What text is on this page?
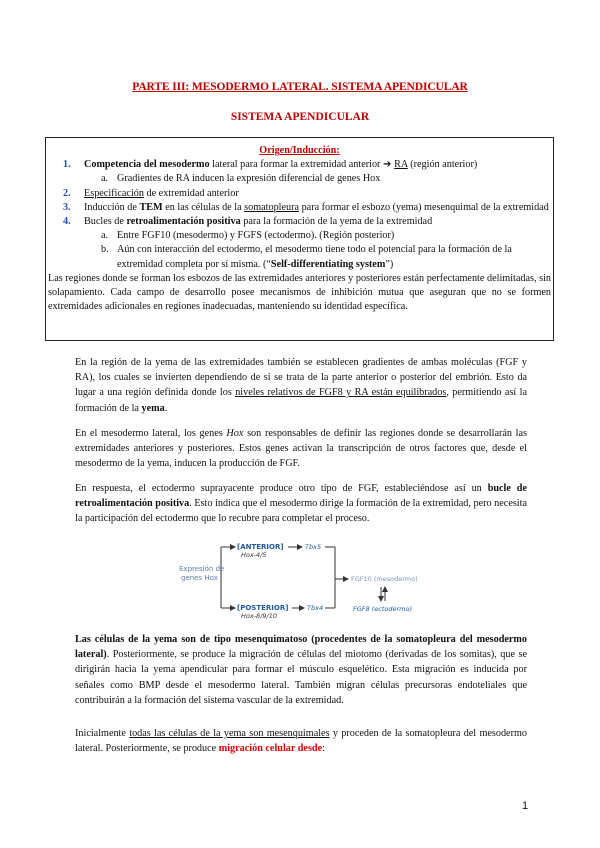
PARTE III: MESODERMO LATERAL. SISTEMA APENDICULAR
SISTEMA APENDICULAR
Origen/Inducción:
1. Competencia del mesodermo lateral para formar la extremidad anterior ➔ RA (región anterior)
a. Gradientes de RA inducen la expresión diferencial de genes Hox
2. Especificación de extremidad anterior
3. Inducción de TEM en las células de la somatopleura para formar el esbozo (yema) mesenquimal de la extremidad
4. Bucles de retroalimentación positiva para la formación de la yema de la extremidad
a. Entre FGF10 (mesodermo) y FGFS (ectodermo). (Región posterior)
b. Aún con interacción del ectodermo, el mesodermo tiene todo el potencial para la formación de la extremidad completa por sí misma. (“Self-differentiating system”)
Las regiones donde se forman los esbozos de las extremidades anteriores y posteriores están perfectamente delimitadas, sin solapamiento. Cada campo de desarrollo posee mecanismos de inhibición mutua que aseguran que no se formen extremidades adicionales en regiones inadecuadas, manteniendo su identidad específica.
En la región de la yema de las extremidades también se establecen gradientes de ambas moléculas (FGF y RA), los cuales se invierten dependiendo de si se trata de la parte anterior o posterior del embrión. Esto da lugar a una región definida donde los niveles relativos de FGF8 y RA están equilibrados, permitiendo así la formación de la yema.
En el mesodermo lateral, los genes Hox son responsables de definir las regiones donde se desarrollarán las extremidades anteriores y posteriores. Estos genes activan la transcripción de otros factores que, desde el mesodermo de la yema, inducen la producción de FGF.
En respuesta, el ectodermo suprayacente produce otro tipo de FGF, estableciéndose así un bucle de retroalimentación positiva. Esto indica que el mesodermo dirige la formación de la extremidad, pero necesita la participación del ectodermo que lo recubre para completar el proceso.
Expresión de
genes Hox
[ANTERIOR]
Hox-4/5
Tbx5
[POSTERIOR]
Hox-8/9/10
Tbx4
FGF10 (mesodermo)
FGF8 (ectodermo)
Las células de la yema son de tipo mesenquimatoso (procedentes de la somatopleura del mesodermo lateral). Posteriormente, se produce la migración de células del miotomo (derivadas de los somitas), que se dirigirán hacia la yema apendicular para formar el músculo esquelético. Esta migración es inducida por señales como BMP desde el mesodermo lateral. También migran células precursoras endoteliales que contribuirán a la formación del sistema vascular de la extremidad.
Inicialmente todas las células de la yema son mesenquimales y proceden de la somatopleura del mesodermo lateral. Posteriormente, se produce migración celular desde:
1
